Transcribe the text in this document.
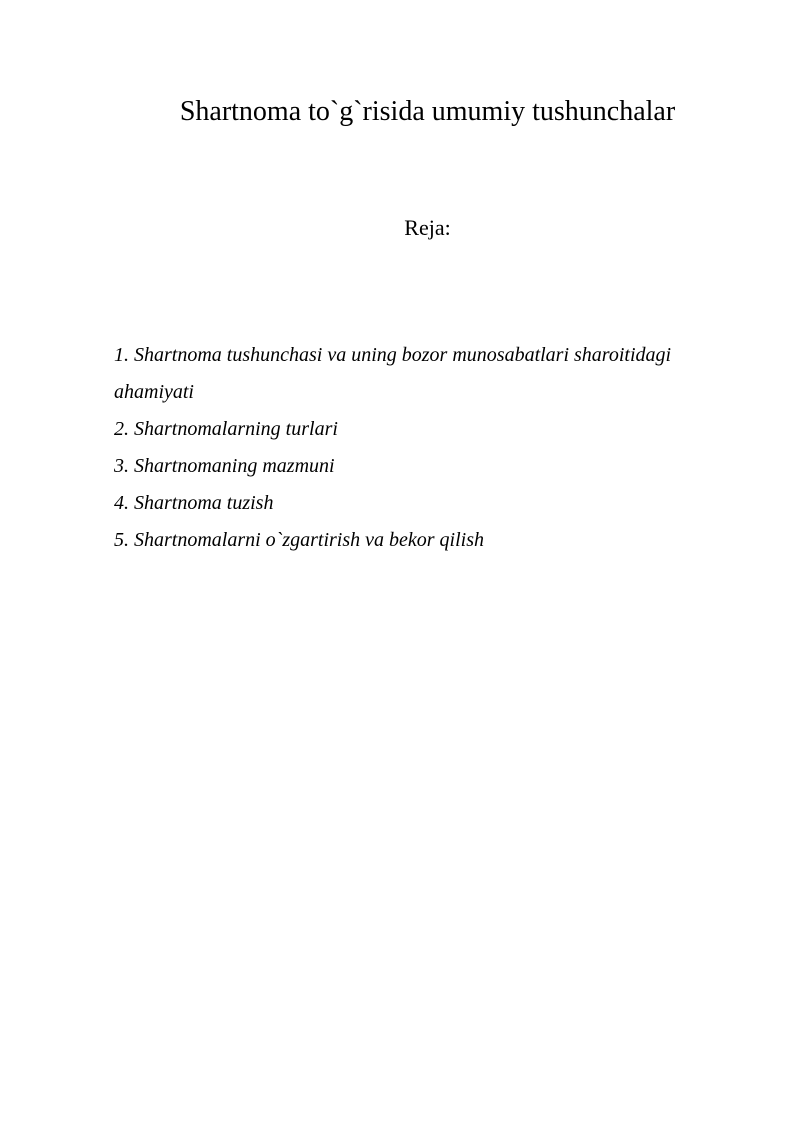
Shartnoma to`g`risida umumiy tushunchalar
Reja:
1. Shartnoma tushunchasi va uning bozor munosabatlari sharoitidagi ahamiyati
2. Shartnomalarning turlari
3. Shartnomaning mazmuni
4. Shartnoma tuzish
5. Shartnomalarni o`zgartirish va bekor qilish
